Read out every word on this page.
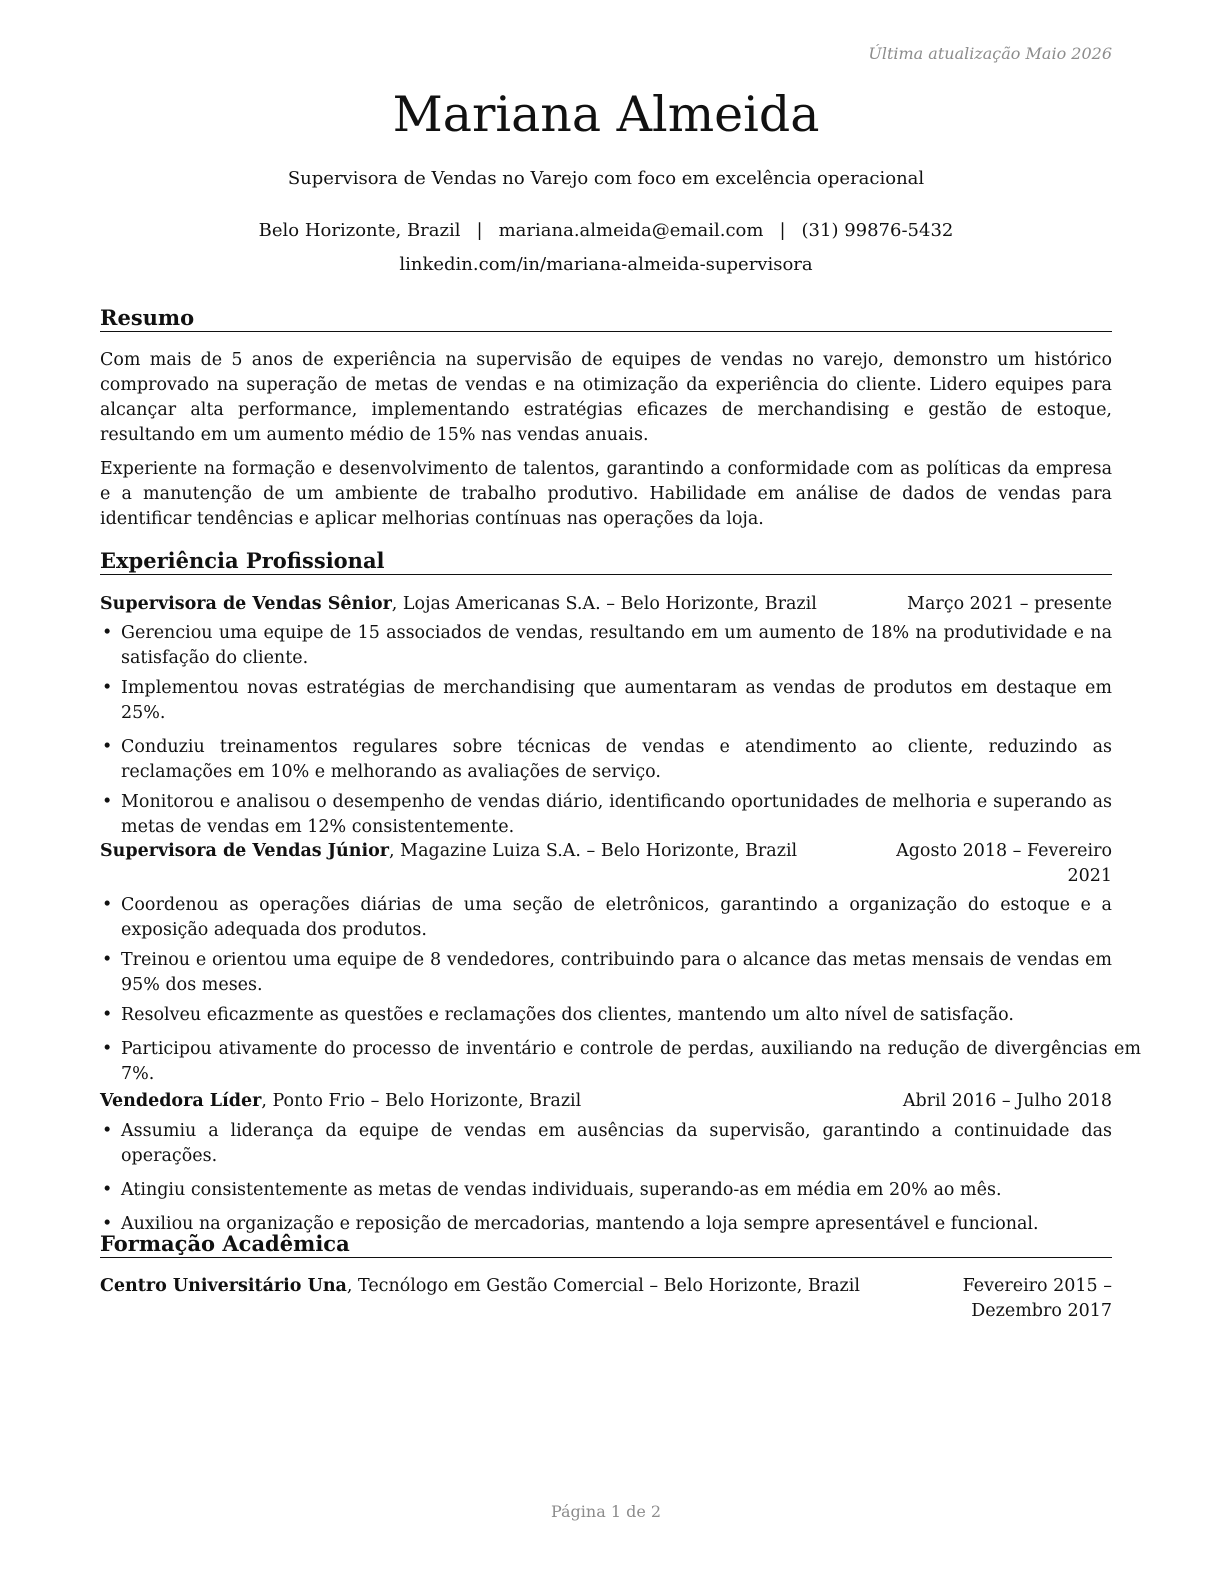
Última atualização Maio 2026
Mariana Almeida
Supervisora de Vendas no Varejo com foco em excelência operacional
Belo Horizonte, Brazil | mariana.almeida@email.com | (31) 99876-5432
linkedin.com/in/mariana-almeida-supervisora
Resumo

Com mais de 5 anos de experiência na supervisão de equipes de vendas no varejo, demonstro um histórico comprovado na superação de metas de vendas e na otimização da experiência do cliente. Lidero equipes para alcançar alta performance, implementando estratégias eficazes de merchandising e gestão de estoque, resultando em um aumento médio de 15% nas vendas anuais.

Experiente na formação e desenvolvimento de talentos, garantindo a conformidade com as políticas da empresa e a manutenção de um ambiente de trabalho produtivo. Habilidade em análise de dados de vendas para identificar tendências e aplicar melhorias contínuas nas operações da loja.

Experiência Profissional
Supervisora de Vendas Sênior, Lojas Americanas S.A. – Belo Horizonte, Brazil	Março 2021 – presente
• Gerenciou uma equipe de 15 associados de vendas, resultando em um aumento de 18% na produtividade e na satisfação do cliente.
• Implementou novas estratégias de merchandising que aumentaram as vendas de produtos em destaque em 25%.
• Conduziu treinamentos regulares sobre técnicas de vendas e atendimento ao cliente, reduzindo as reclamações em 10% e melhorando as avaliações de serviço.
• Monitorou e analisou o desempenho de vendas diário, identificando oportunidades de melhoria e superando as metas de vendas em 12% consistentemente.
Supervisora de Vendas Júnior, Magazine Luiza S.A. – Belo Horizonte, Brazil	Agosto 2018 – Fevereiro 2021
• Coordenou as operações diárias de uma seção de eletrônicos, garantindo a organização do estoque e a exposição adequada dos produtos.
• Treinou e orientou uma equipe de 8 vendedores, contribuindo para o alcance das metas mensais de vendas em 95% dos meses.
• Resolveu eficazmente as questões e reclamações dos clientes, mantendo um alto nível de satisfação.
• Participou ativamente do processo de inventário e controle de perdas, auxiliando na redução de divergências em 7%.
Vendedora Líder, Ponto Frio – Belo Horizonte, Brazil	Abril 2016 – Julho 2018
• Assumiu a liderança da equipe de vendas em ausências da supervisão, garantindo a continuidade das operações.
• Atingiu consistentemente as metas de vendas individuais, superando-as em média em 20% ao mês.
• Auxiliou na organização e reposição de mercadorias, mantendo a loja sempre apresentável e funcional.
Formação Acadêmica
Centro Universitário Una, Tecnólogo em Gestão Comercial – Belo Horizonte, Brazil	Fevereiro 2015 – Dezembro 2017
Página 1 de 2
